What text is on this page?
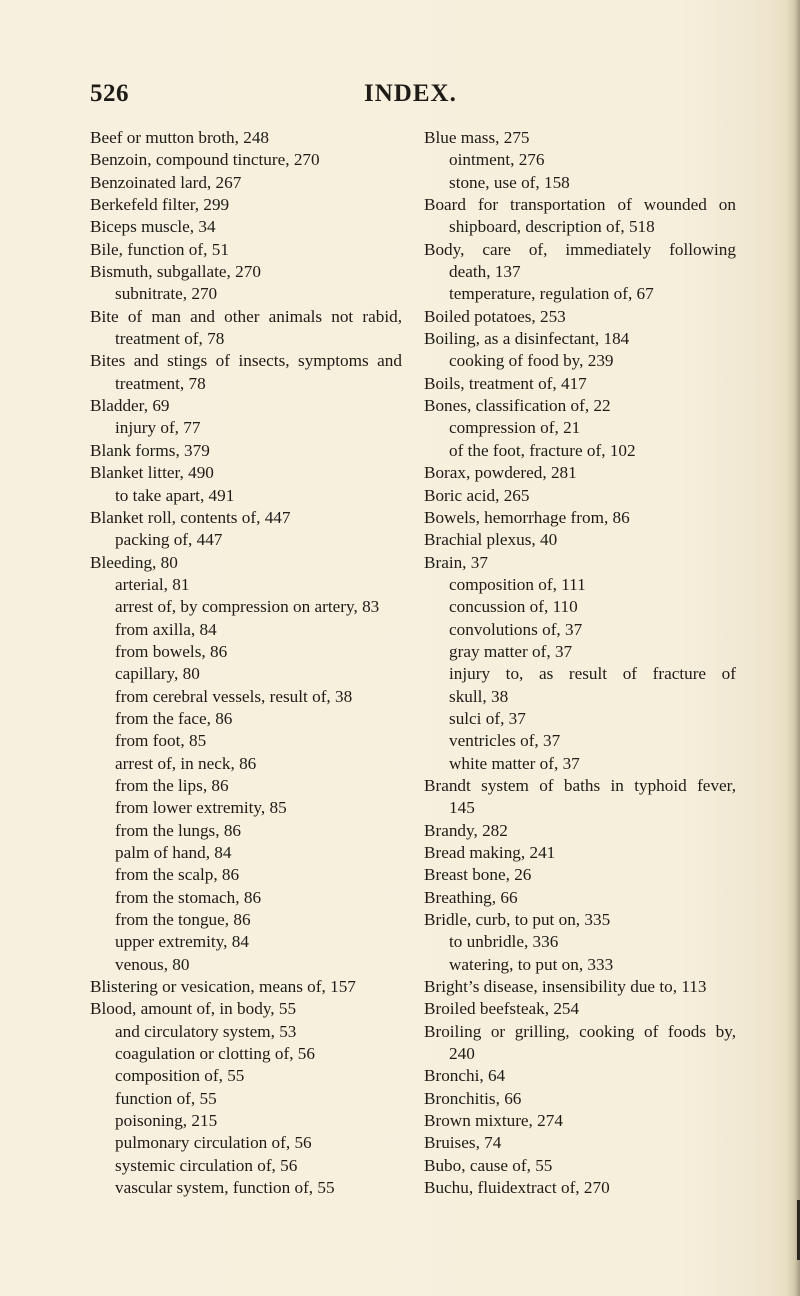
526	INDEX.
Beef or mutton broth, 248
Benzoin, compound tincture, 270
Benzoinated lard, 267
Berkefeld filter, 299
Biceps muscle, 34
Bile, function of, 51
Bismuth, subgallate, 270
subnitrate, 270
Bite of man and other animals not rabid,
treatment of, 78
Bites and stings of insects, symptoms and
treatment, 78
Bladder, 69
injury of, 77
Blank forms, 379
Blanket litter, 490
to take apart, 491
Blanket roll, contents of, 447
packing of, 447
Bleeding, 80
arterial, 81
arrest of, by compression on artery, 83
from axilla, 84
from bowels, 86
capillary, 80
from cerebral vessels, result of, 38
from the face, 86
from foot, 85
arrest of, in neck, 86
from the lips, 86
from lower extremity, 85
from the lungs, 86
palm of hand, 84
from the scalp, 86
from the stomach, 86
from the tongue, 86
upper extremity, 84
venous, 80
Blistering or vesication, means of, 157
Blood, amount of, in body, 55
and circulatory system, 53
coagulation or clotting of, 56
composition of, 55
function of, 55
poisoning, 215
pulmonary circulation of, 56
systemic circulation of, 56
vascular system, function of, 55
Blue mass, 275
ointment, 276
stone, use of, 158
Board for transportation of wounded on
shipboard, description of, 518
Body, care of, immediately following
death, 137
temperature, regulation of, 67
Boiled potatoes, 253
Boiling, as a disinfectant, 184
cooking of food by, 239
Boils, treatment of, 417
Bones, classification of, 22
compression of, 21
of the foot, fracture of, 102
Borax, powdered, 281
Boric acid, 265
Bowels, hemorrhage from, 86
Brachial plexus, 40
Brain, 37
composition of, 111
concussion of, 110
convolutions of, 37
gray matter of, 37
injury to, as result of fracture of
skull, 38
sulci of, 37
ventricles of, 37
white matter of, 37
Brandt system of baths in typhoid fever,
145
Brandy, 282
Bread making, 241
Breast bone, 26
Breathing, 66
Bridle, curb, to put on, 335
to unbridle, 336
watering, to put on, 333
Bright’s disease, insensibility due to, 113
Broiled beefsteak, 254
Broiling or grilling, cooking of foods by,
240
Bronchi, 64
Bronchitis, 66
Brown mixture, 274
Bruises, 74
Bubo, cause of, 55
Buchu, fluidextract of, 270
